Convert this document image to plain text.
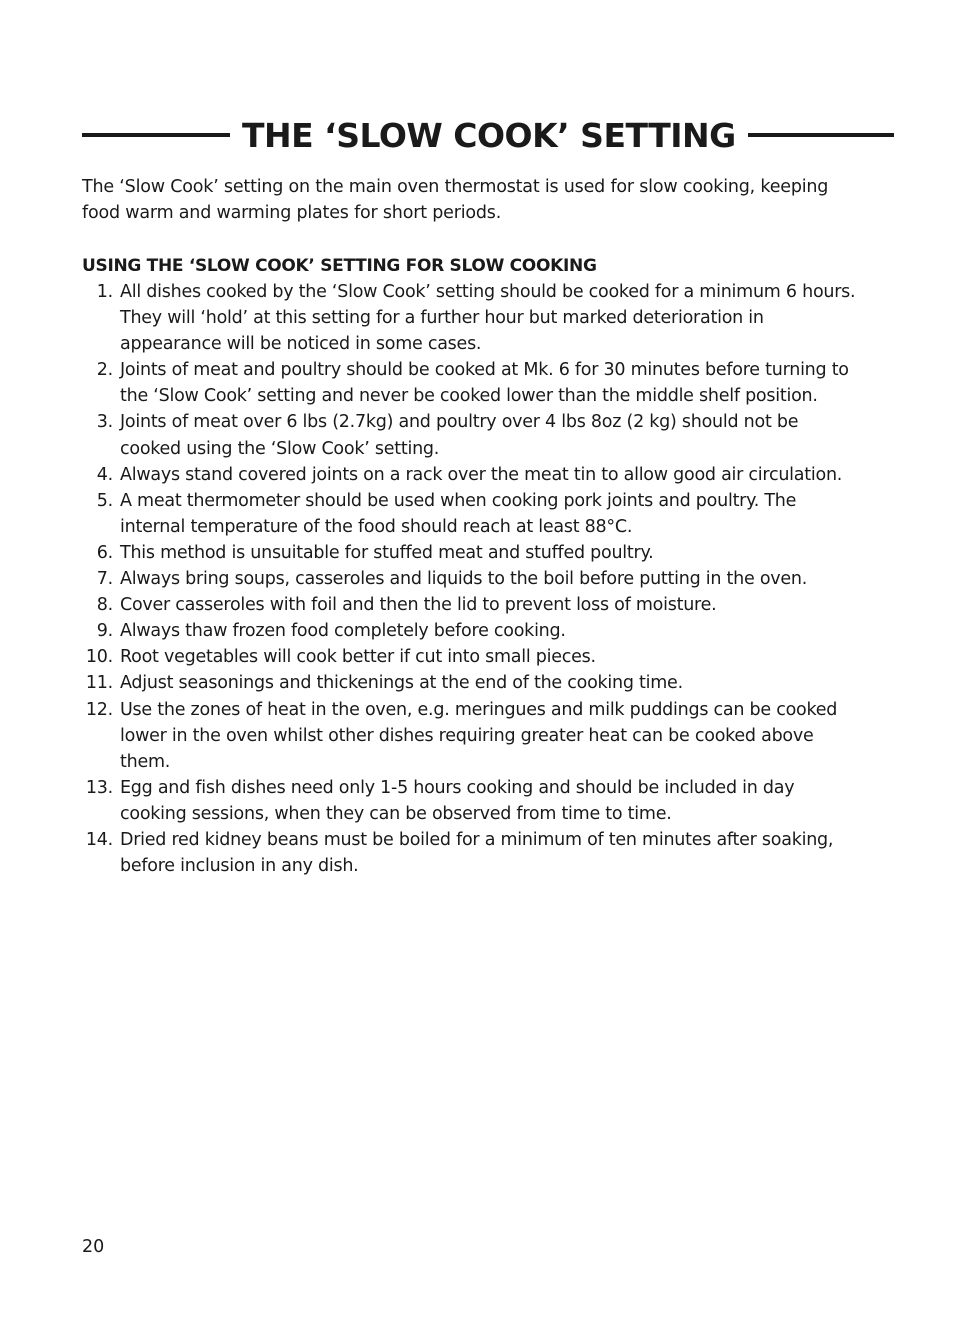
THE ‘SLOW COOK’ SETTING

The ‘Slow Cook’ setting on the main oven thermostat is used for slow cooking, keeping food warm and warming plates for short periods.

USING THE ‘SLOW COOK’ SETTING FOR SLOW COOKING
1. All dishes cooked by the ‘Slow Cook’ setting should be cooked for a minimum 6 hours. They will ‘hold’ at this setting for a further hour but marked deterioration in appearance will be noticed in some cases.
2. Joints of meat and poultry should be cooked at Mk. 6 for 30 minutes before turning to the ‘Slow Cook’ setting and never be cooked lower than the middle shelf position.
3. Joints of meat over 6 lbs (2.7kg) and poultry over 4 lbs 8oz (2 kg) should not be cooked using the ‘Slow Cook’ setting.
4. Always stand covered joints on a rack over the meat tin to allow good air circulation.
5. A meat thermometer should be used when cooking pork joints and poultry. The internal temperature of the food should reach at least 88°C.
6. This method is unsuitable for stuffed meat and stuffed poultry.
7. Always bring soups, casseroles and liquids to the boil before putting in the oven.
8. Cover casseroles with foil and then the lid to prevent loss of moisture.
9. Always thaw frozen food completely before cooking.
10. Root vegetables will cook better if cut into small pieces.
11. Adjust seasonings and thickenings at the end of the cooking time.
12. Use the zones of heat in the oven, e.g. meringues and milk puddings can be cooked lower in the oven whilst other dishes requiring greater heat can be cooked above them.
13. Egg and fish dishes need only 1-5 hours cooking and should be included in day cooking sessions, when they can be observed from time to time.
14. Dried red kidney beans must be boiled for a minimum of ten minutes after soaking, before inclusion in any dish.

20
